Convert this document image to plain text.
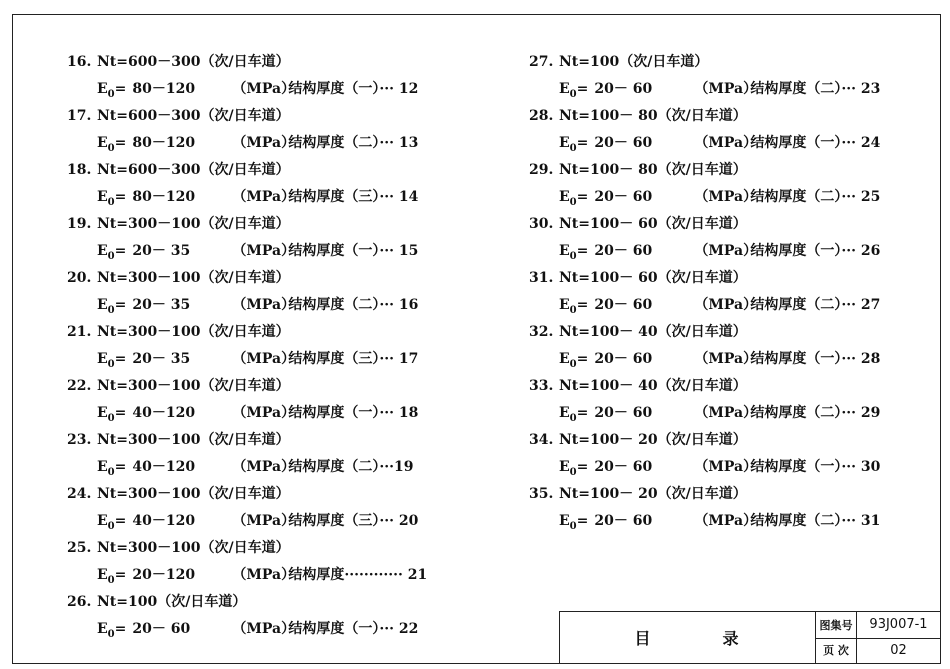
16. Nt=600－300（次/日车道）
$E_0= 80-120$	（MPa）结构厚度（一）··· 12
17. Nt=600－300（次/日车道）
$E_0= 80-120$	（MPa）结构厚度（二）··· 13
18. Nt=600－300（次/日车道）
$E_0= 80-120$	（MPa）结构厚度（三）··· 14
19. Nt=300－100（次/日车道）
$E_0= 20- 35$	（MPa）结构厚度（一）··· 15
20. Nt=300－100（次/日车道）
$E_0= 20- 35$	（MPa）结构厚度（二）··· 16
21. Nt=300－100（次/日车道）
$E_0= 20- 35$	（MPa）结构厚度（三）··· 17
22. Nt=300－100（次/日车道）
$E_0= 40-120$	（MPa）结构厚度（一）··· 18
23. Nt=300－100（次/日车道）
$E_0= 40-120$	（MPa）结构厚度（二）···19
24. Nt=300－100（次/日车道）
$E_0= 40-120$	（MPa）结构厚度（三）··· 20
25. Nt=300－100（次/日车道）
$E_0= 20-120$	（MPa）结构厚度············ 21
26. Nt=100（次/日车道）
$E_0= 20- 60$	（MPa）结构厚度（一）··· 22
27. Nt=100（次/日车道）
$E_0= 20- 60$	（MPa）结构厚度（二）··· 23
28. Nt=100－ 80（次/日车道）
$E_0= 20- 60$	（MPa）结构厚度（一）··· 24
29. Nt=100－ 80（次/日车道）
$E_0= 20- 60$	（MPa）结构厚度（二）··· 25
30. Nt=100－ 60（次/日车道）
$E_0= 20- 60$	（MPa）结构厚度（一）··· 26
31. Nt=100－ 60（次/日车道）
$E_0= 20- 60$	（MPa）结构厚度（二）··· 27
32. Nt=100－ 40（次/日车道）
$E_0= 20- 60$	（MPa）结构厚度（一）··· 28
33. Nt=100－ 40（次/日车道）
$E_0= 20- 60$	（MPa）结构厚度（二）··· 29
34. Nt=100－ 20（次/日车道）
$E_0= 20- 60$	（MPa）结构厚度（一）··· 30
35. Nt=100－ 20（次/日车道）
$E_0= 20- 60$	（MPa）结构厚度（二）··· 31
目	录
图集号	93J007-1
页 次	02
